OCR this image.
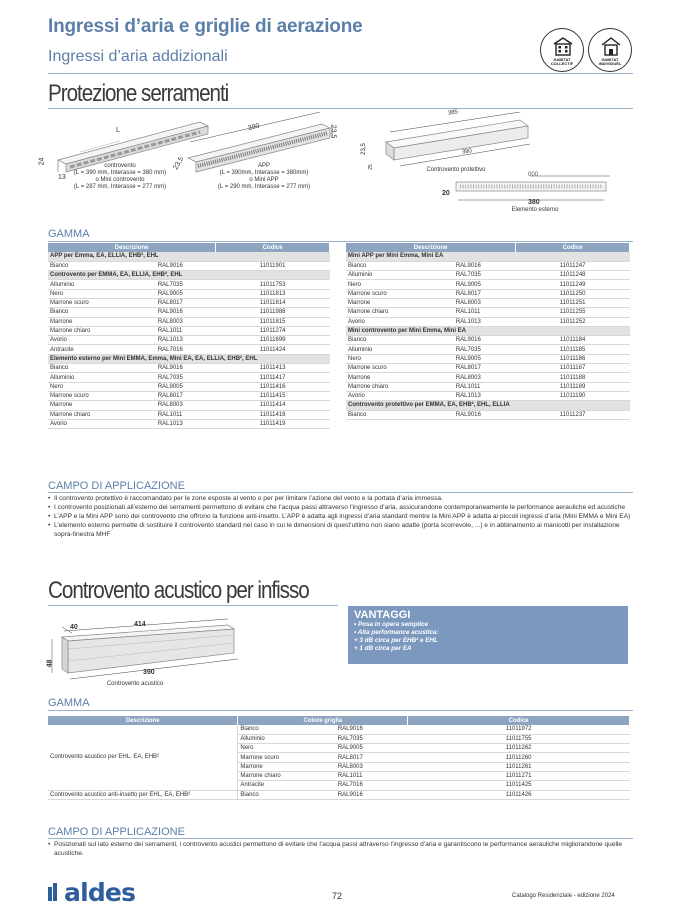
Ingressi d’aria e griglie di aerazione
Ingressi d’aria addizionali	HABITAT
COLLECTIF
HABITAT
INDIVIDUEL
Protezione serramenti
L
24
13
controvento
(L = 390 mm, Interasse = 380 mm)
o Mini controvento
(L = 287 mm, Interasse = 277 mm)
390	23,5
23,5	APP
(L = 390mm, Interasse = 380mm)
o Mini APP
(L = 290 mm, Interasse = 277 mm)
385
390
23,5
25	Controvento protettivo
000
20
380
Elemento esterno
GAMMA
Descrizione		Codice
APP per Emma, EA, ELLIA, EHB², EHL		
Bianco	RAL9016	11011901
Controvento per EMMA, EA, ELLIA, EHB², EHL		
Alluminio	RAL7035	11011753
Nero	RAL9005	11011813
Marrone scuro	RAL8017	11011814
Bianco	RAL9016	11011988
Marrone	RAL8003	11011815
Marrone chiaro	RAL1011	11011274
Avorio	RAL1013	11011699
Antracite	RAL7016	11011424
Elemento esterno per Mini EMMA, Emma, Mini EA, EA, ELLIA, EHB², EHL		
Bianco	RAL9016	11011413
Alluminio	RAL7035	11011417
Nero	RAL9005	11011416
Marrone scuro	RAL8017	11011415
Marrone	RAL8003	11011414
Marrone chiaro	RAL1011	11011418
Avorio	RAL1013	11011419
Descrizione		Codice
Mini APP per Mini Emma, Mini EA		
Bianco	RAL9016	11011247
Alluminio	RAL7035	11011248
Nero	RAL9005	11011249
Marrone scuro	RAL8017	11011250
Marrone	RAL8003	11011251
Marrone chiaro	RAL1011	11011255
Avorio	RAL1013	11011252
Mini controvento per Mini Emma, Mini EA		
Bianco	RAL9016	11011184
Alluminio	RAL7035	11011185
Nero	RAL9005	11011186
Marrone scuro	RAL8017	11011187
Marrone	RAL8003	11011188
Marrone chiaro	RAL1011	11011189
Avorio	RAL1013	11011190
Controvento protettivo per EMMA, EA, EHB², EHL, ELLIA		
Bianco	RAL9016	11011237
CAMPO DI APPLICAZIONE
• Il controvento protettivo è raccomandato per le zone esposte al vento o per per limitare l’azione del vento e la portata d’aria immessa.
• I controvento posizionati all’esterno dei serramenti permettono di evitare che l’acqua passi attraverso l’ingresso d’aria, assicurandone contemporaneamente le performance aerauliche ed acustiche
• L’APP e la Mini APP sono dei controvento che offrono la funzione anti-insetto. L’APP è adatta agli ingressi d’aria standard mentre la Mini APP è adatta ai piccoli ingressi d’aria (Mini EMMA e Mini EA)
• L’elemento esterno permette di sostituire il controvento standard nel caso in cui le dimensioni di quest’ultimo non siano adatte (porta scorrevole, ...) e in abbinamento ai manicotti per installazione sopra-finestra MHF
Controvento acustico per infisso
40	414
48
390
Controvento acustico
VANTAGGI
• Posa in opera semplice
• Alta performance acustica:
+ 3 dB circa per EHB² e EHL
+ 1 dB circa per EA
GAMMA
Descrizione	Colore griglia		Codice
Controvento acustico per EHL, EA, EHB²	Bianco	RAL9016	11011972
	Alluminio	RAL7035	11011755
	Nero	RAL9005	11011262
	Marrone scuro	RAL8017	11011260
	Marrone	RAL8003	11011261
	Marrone chiaro	RAL1011	11011271
	Antracite	RAL7016	11011425
Controvento acustico anti-insetto per EHL, EA, EHB²	Bianco	RAL9016	11011426
CAMPO DI APPLICAZIONE
• Posizionati sul lato esterno dei serramenti, i controvento acustici permettono di evitare che l’acqua passi attraverso l’ingresso d’aria e garantiscono le performance aerauliche migliorandone quelle acustiche.
aldes	72	Catalogo Residenziale - edizione 2024
